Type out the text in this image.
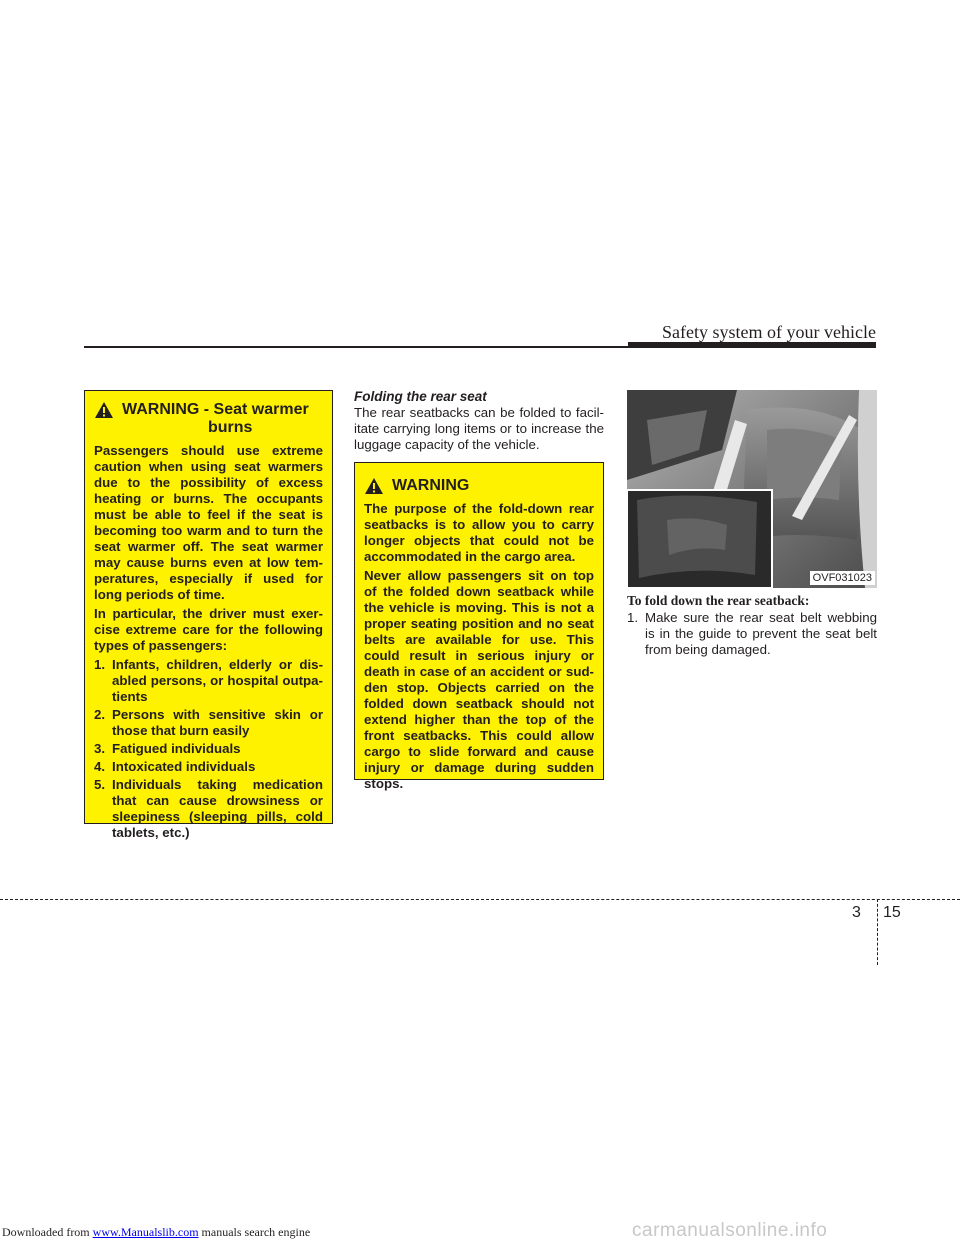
Safety system of your vehicle
WARNING - Seat warmer
burns

Passengers should use extreme caution when using seat warmers due to the possibility of excess heating or burns. The occupants must be able to feel if the seat is becoming too warm and to turn the seat warmer off. The seat warmer may cause burns even at low tem-peratures, especially if used for long periods of time.

In particular, the driver must exer-cise extreme care for the following types of passengers:

1. Infants, children, elderly or dis-abled persons, or hospital outpa-tients
2. Persons with sensitive skin or those that burn easily
3. Fatigued individuals
4. Intoxicated individuals
5. Individuals taking medication that can cause drowsiness or sleepiness (sleeping pills, cold tablets, etc.)
Folding the rear seat
The rear seatbacks can be folded to facil-itate carrying long items or to increase the luggage capacity of the vehicle.
WARNING

The purpose of the fold-down rear seatbacks is to allow you to carry longer objects that could not be accommodated in the cargo area.

Never allow passengers sit on top of the folded down seatback while the vehicle is moving. This is not a proper seating position and no seat belts are available for use. This could result in serious injury or death in case of an accident or sud-den stop. Objects carried on the folded down seatback should not extend higher than the top of the front seatbacks. This could allow cargo to slide forward and cause injury or damage during sudden stops.

OVF031023
To fold down the rear seatback:
1. Make sure the rear seat belt webbing is in the guide to prevent the seat belt from being damaged.
3 15
Downloaded from www.Manualslib.com manuals search engine	carmanualsonline.info
